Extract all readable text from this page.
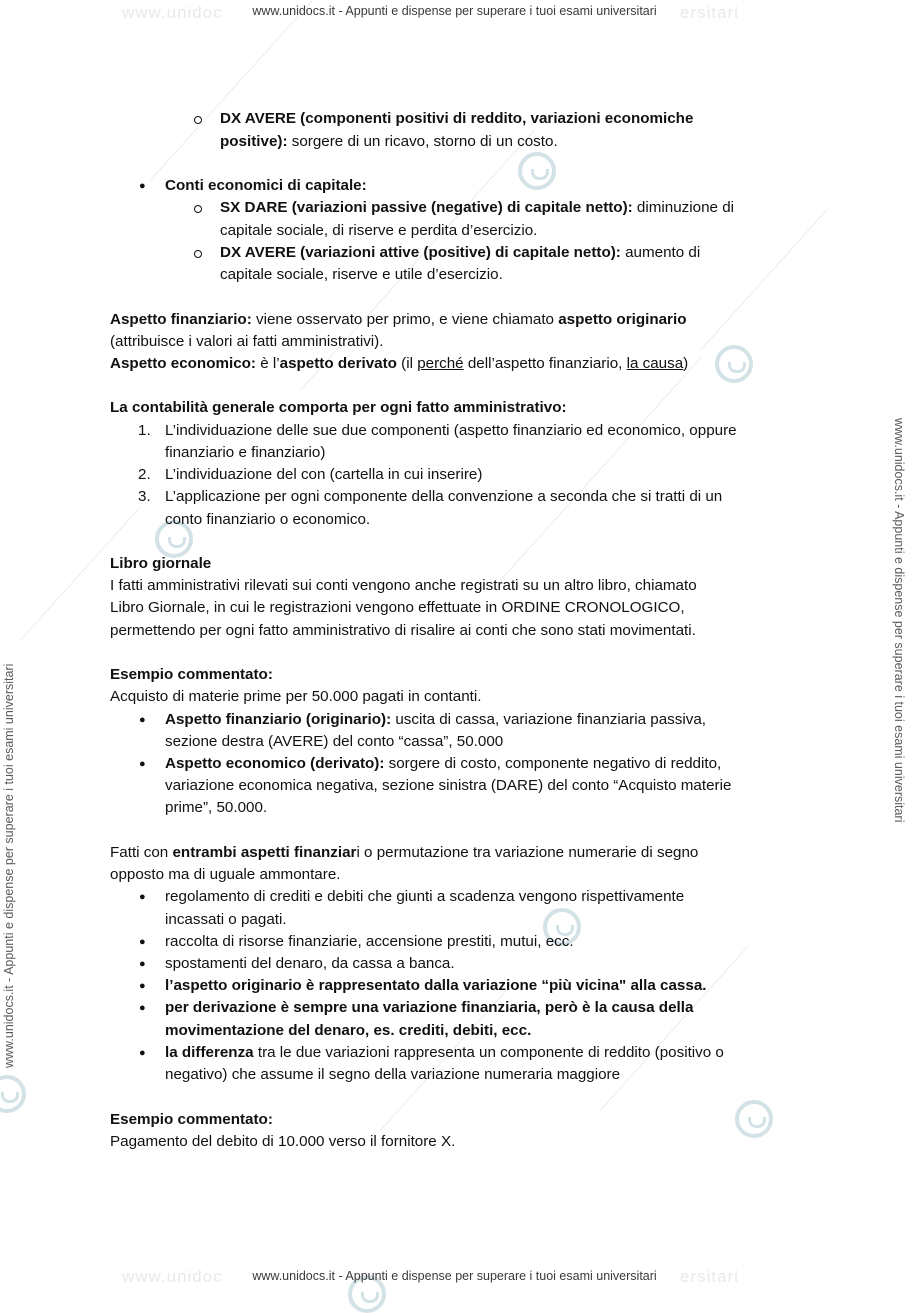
www.unidoc	ersitari
www.unidoc	ersitari
www.unidocs.it - Appunti e dispense per superare i tuoi esami universitari
www.unidocs.it - Appunti e dispense per superare i tuoi esami universitari
www.unidocs.it - Appunti e dispense per superare i tuoi esami universitari
www.unidocs.it - Appunti e dispense per superare i tuoi esami universitari
DX AVERE (componenti positivi di reddito, variazioni economiche
positive): sorgere di un ricavo, storno di un costo.
● Conti economici di capitale:
SX DARE (variazioni passive (negative) di capitale netto): diminuzione di
capitale sociale, di riserve e perdita d’esercizio.
DX AVERE (variazioni attive (positive) di capitale netto): aumento di
capitale sociale, riserve e utile d’esercizio.
Aspetto finanziario: viene osservato per primo, e viene chiamato aspetto originario
(attribuisce i valori ai fatti amministrativi).
Aspetto economico: è l’aspetto derivato (il perché dell’aspetto finanziario, la causa)
La contabilità generale comporta per ogni fatto amministrativo:
1. L’individuazione delle sue due componenti (aspetto finanziario ed economico, oppure
finanziario e finanziario)
2. L’individuazione del con (cartella in cui inserire)
3. L’applicazione per ogni componente della convenzione a seconda che si tratti di un
conto finanziario o economico.
Libro giornale
I fatti amministrativi rilevati sui conti vengono anche registrati su un altro libro, chiamato
Libro Giornale, in cui le registrazioni vengono effettuate in ORDINE CRONOLOGICO,
permettendo per ogni fatto amministrativo di risalire ai conti che sono stati movimentati.
Esempio commentato:
Acquisto di materie prime per 50.000 pagati in contanti.
● Aspetto finanziario (originario): uscita di cassa, variazione finanziaria passiva,
sezione destra (AVERE) del conto “cassa”, 50.000
● Aspetto economico (derivato): sorgere di costo, componente negativo di reddito,
variazione economica negativa, sezione sinistra (DARE) del conto “Acquisto materie
prime”, 50.000.
Fatti con entrambi aspetti finanziari o permutazione tra variazione numerarie di segno
opposto ma di uguale ammontare.
● regolamento di crediti e debiti che giunti a scadenza vengono rispettivamente
incassati o pagati.
● raccolta di risorse finanziarie, accensione prestiti, mutui, ecc.
● spostamenti del denaro, da cassa a banca.
● l’aspetto originario è rappresentato dalla variazione “più vicina" alla cassa.
● per derivazione è sempre una variazione finanziaria, però è la causa della
movimentazione del denaro, es. crediti, debiti, ecc.
● la differenza tra le due variazioni rappresenta un componente di reddito (positivo o
negativo) che assume il segno della variazione numeraria maggiore
Esempio commentato:
Pagamento del debito di 10.000 verso il fornitore X.
